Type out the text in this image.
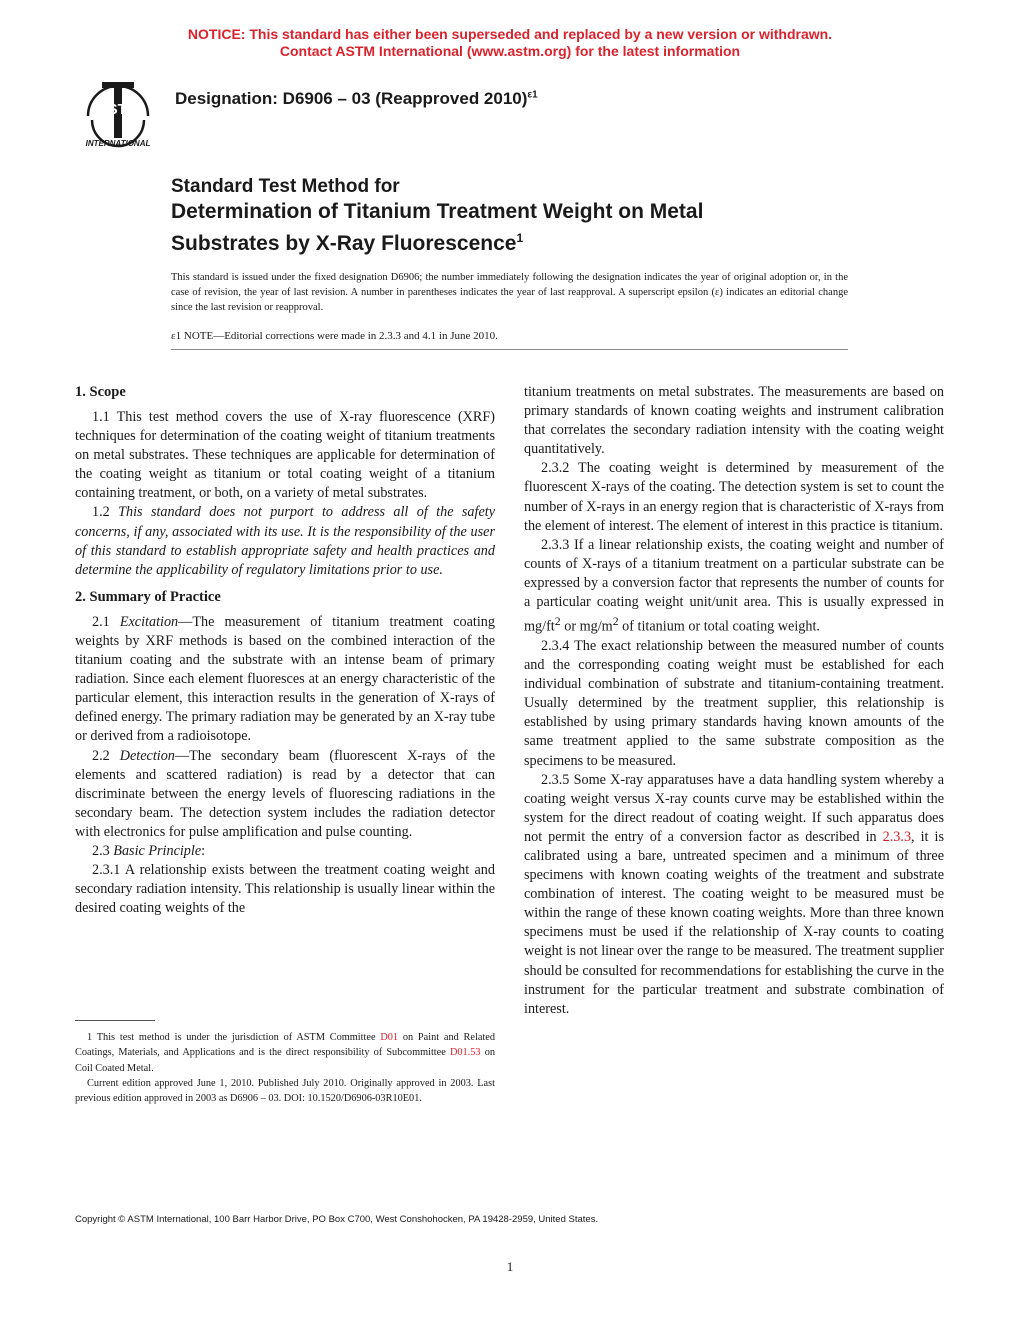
NOTICE: This standard has either been superseded and replaced by a new version or withdrawn.
Contact ASTM International (www.astm.org) for the latest information
INTERNATIONAL
ASTM
Designation: D6906 – 03 (Reapproved 2010)$^{\varepsilon 1}$
Standard Test Method for
Determination of Titanium Treatment Weight on Metal
Substrates by X-Ray Fluorescence$^1$
This standard is issued under the fixed designation D6906; the number immediately following the designation indicates the year of original adoption or, in the case of revision, the year of last revision. A number in parentheses indicates the year of last reapproval. A superscript epsilon (ε) indicates an editorial change since the last revision or reapproval.
ε1 NOTE—Editorial corrections were made in 2.3.3 and 4.1 in June 2010.
1. Scope

1.1 This test method covers the use of X-ray fluorescence (XRF) techniques for determination of the coating weight of titanium treatments on metal substrates. These techniques are applicable for determination of the coating weight as titanium or total coating weight of a titanium containing treatment, or both, on a variety of metal substrates.

1.2 This standard does not purport to address all of the safety concerns, if any, associated with its use. It is the responsibility of the user of this standard to establish appropriate safety and health practices and determine the applicability of regulatory limitations prior to use.

2. Summary of Practice

2.1 Excitation—The measurement of titanium treatment coating weights by XRF methods is based on the combined interaction of the titanium coating and the substrate with an intense beam of primary radiation. Since each element fluoresces at an energy characteristic of the particular element, this interaction results in the generation of X-rays of defined energy. The primary radiation may be generated by an X-ray tube or derived from a radioisotope.

2.2 Detection—The secondary beam (fluorescent X-rays of the elements and scattered radiation) is read by a detector that can discriminate between the energy levels of fluorescing radiations in the secondary beam. The detection system includes the radiation detector with electronics for pulse amplification and pulse counting.

2.3 Basic Principle:

2.3.1 A relationship exists between the treatment coating weight and secondary radiation intensity. This relationship is usually linear within the desired coating weights of the

titanium treatments on metal substrates. The measurements are based on primary standards of known coating weights and instrument calibration that correlates the secondary radiation intensity with the coating weight quantitatively.

2.3.2 The coating weight is determined by measurement of the fluorescent X-rays of the coating. The detection system is set to count the number of X-rays in an energy region that is characteristic of X-rays from the element of interest. The element of interest in this practice is titanium.

2.3.3 If a linear relationship exists, the coating weight and number of counts of X-rays of a titanium treatment on a particular substrate can be expressed by a conversion factor that represents the number of counts for a particular coating weight unit/unit area. This is usually expressed in $mg/ft^2$ or $mg/m^2$ of titanium or total coating weight.

2.3.4 The exact relationship between the measured number of counts and the corresponding coating weight must be established for each individual combination of substrate and titanium-containing treatment. Usually determined by the treatment supplier, this relationship is established by using primary standards having known amounts of the same treatment applied to the same substrate composition as the specimens to be measured.

2.3.5 Some X-ray apparatuses have a data handling system whereby a coating weight versus X-ray counts curve may be established within the system for the direct readout of coating weight. If such apparatus does not permit the entry of a conversion factor as described in 2.3.3, it is calibrated using a bare, untreated specimen and a minimum of three specimens with known coating weights of the treatment and substrate combination of interest. The coating weight to be measured must be within the range of these known coating weights. More than three known specimens must be used if the relationship of X-ray counts to coating weight is not linear over the range to be measured. The treatment supplier should be consulted for recommendations for establishing the curve in the instrument for the particular treatment and substrate combination of interest.

1 This test method is under the jurisdiction of ASTM Committee D01 on Paint and Related Coatings, Materials, and Applications and is the direct responsibility of Subcommittee D01.53 on Coil Coated Metal.

Current edition approved June 1, 2010. Published July 2010. Originally approved in 2003. Last previous edition approved in 2003 as D6906 – 03. DOI: 10.1520/D6906-03R10E01.

Copyright © ASTM International, 100 Barr Harbor Drive, PO Box C700, West Conshohocken, PA 19428-2959, United States.
1
